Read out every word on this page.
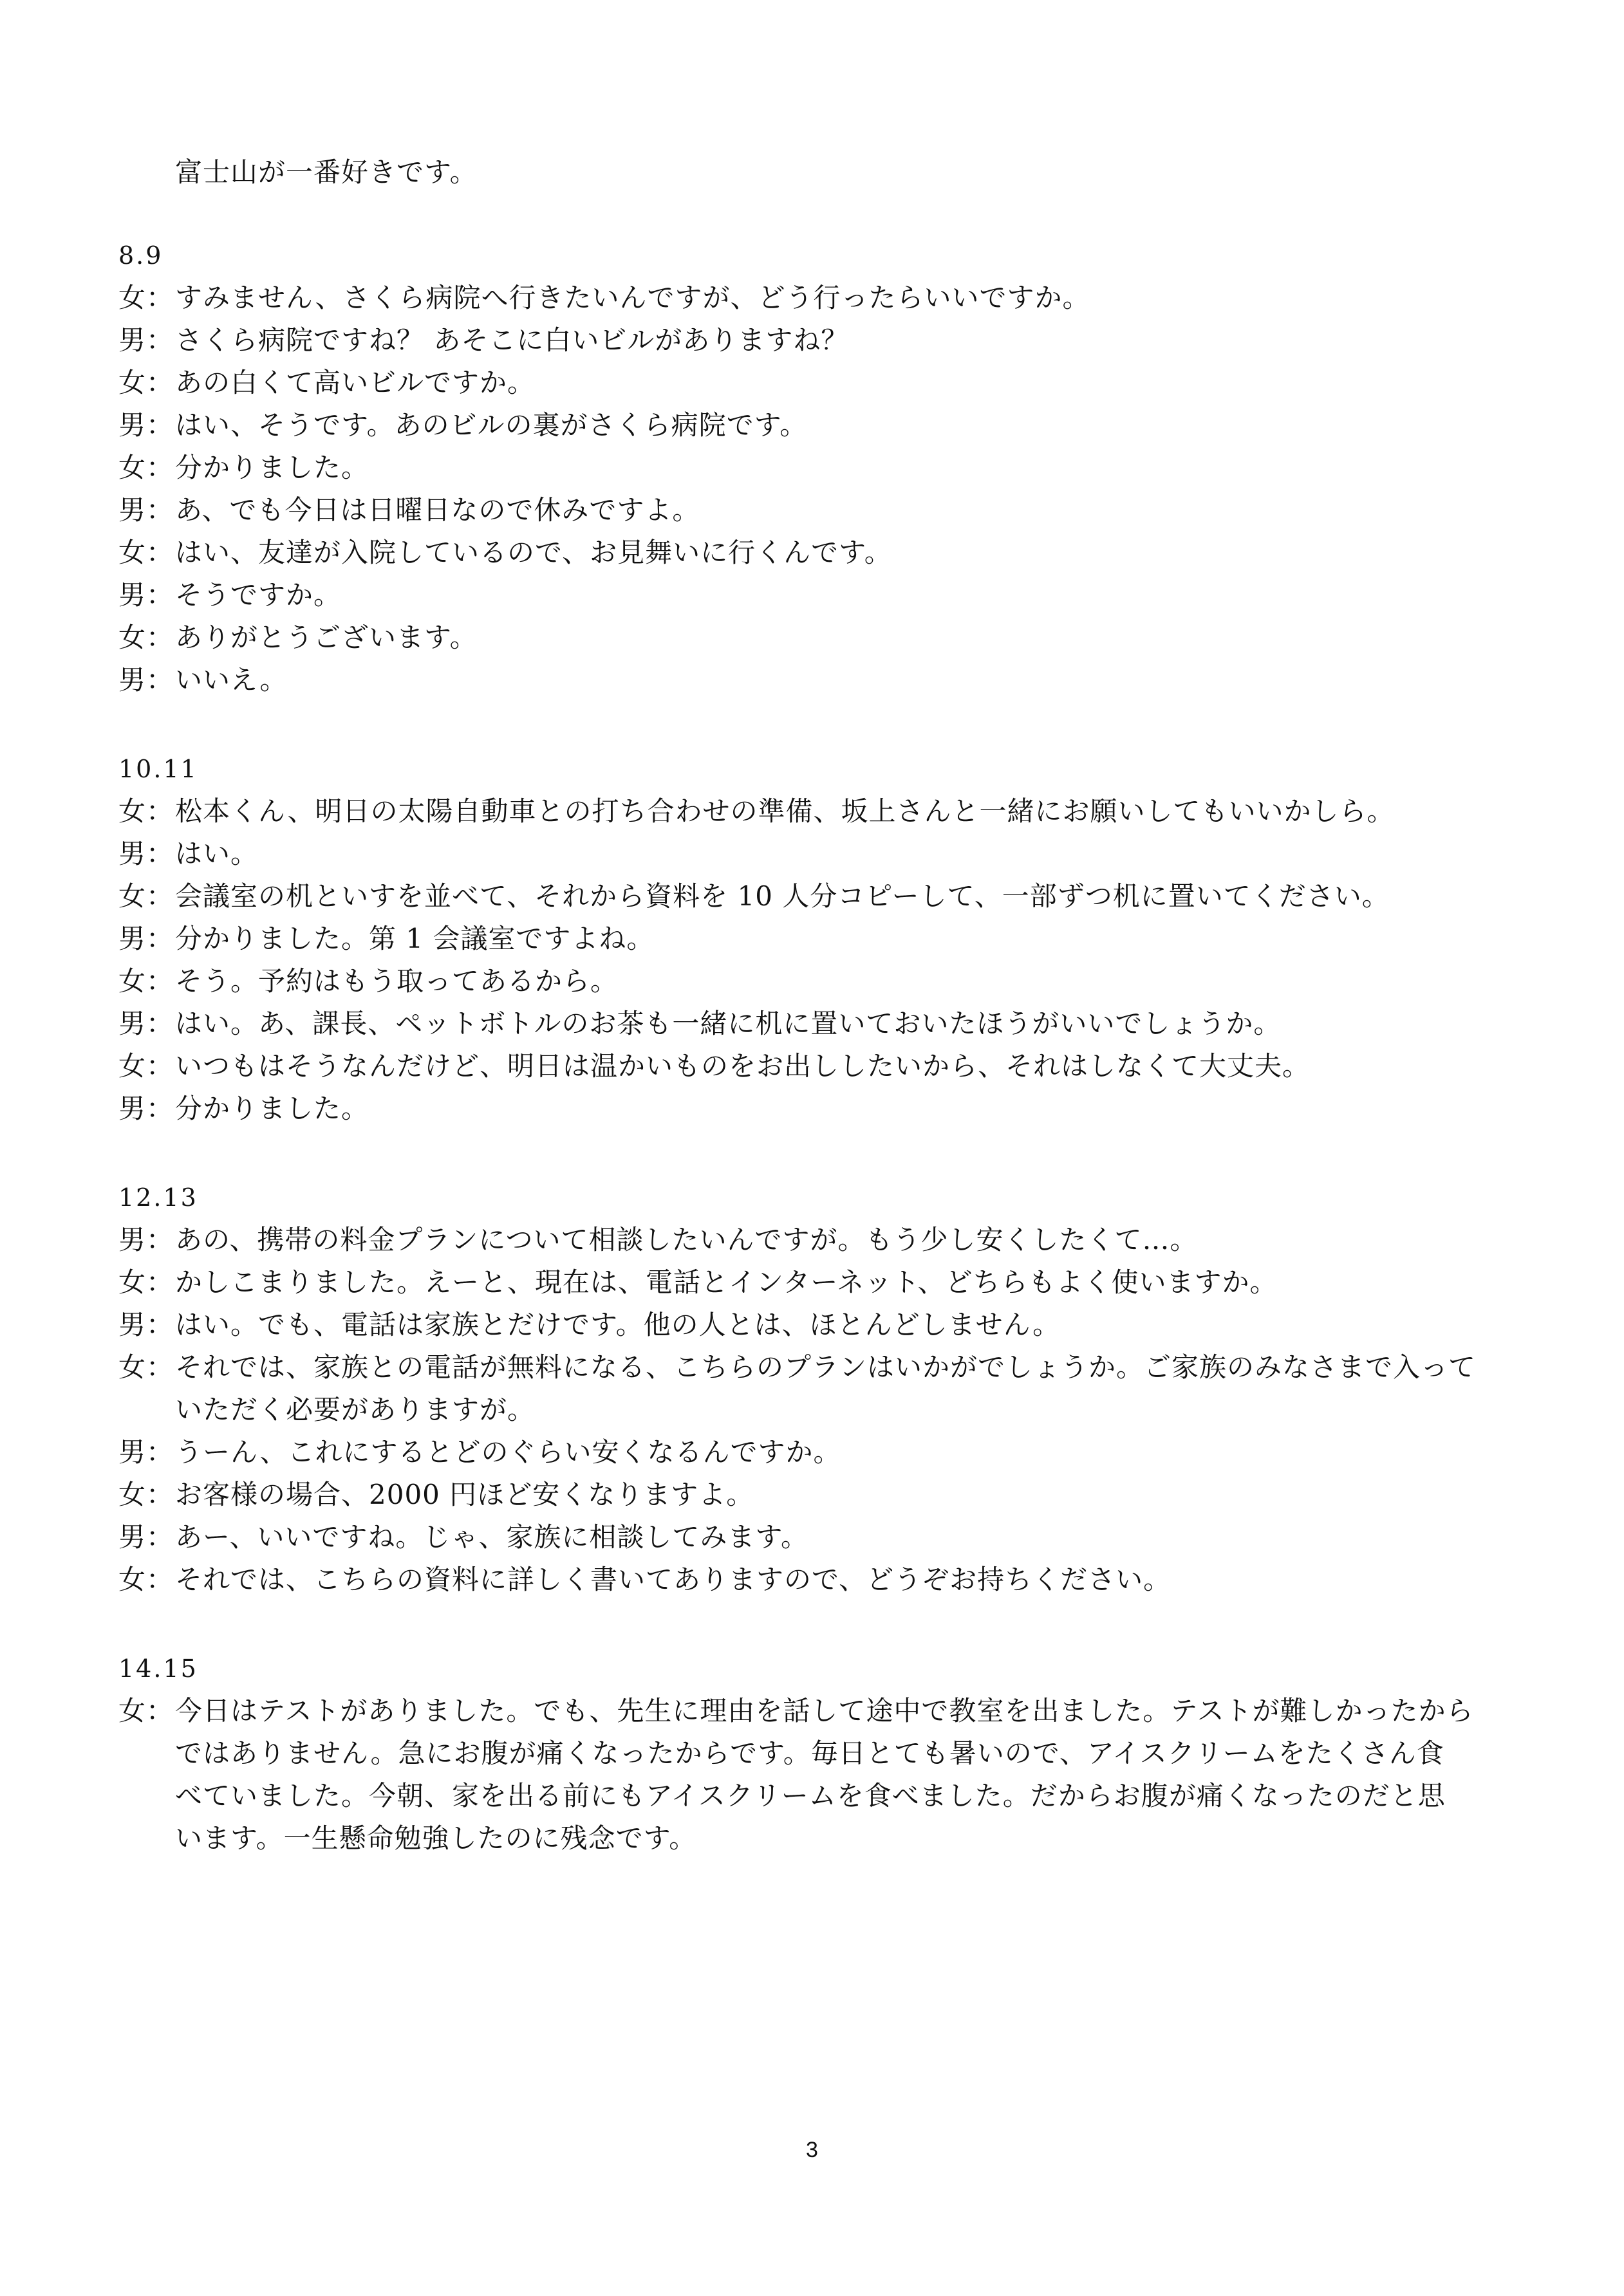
富士山が一番好きです。
8.9
女：すみません、さくら病院へ行きたいんですが、どう行ったらいいですか。
男：さくら病院ですね？ あそこに白いビルがありますね？
女：あの白くて高いビルですか。
男：はい、そうです。あのビルの裏がさくら病院です。
女：分かりました。
男：あ、でも今日は日曜日なので休みですよ。
女：はい、友達が入院しているので、お見舞いに行くんです。
男：そうですか。
女：ありがとうございます。
男：いいえ。
10.11
女：松本くん、明日の太陽自動車との打ち合わせの準備、坂上さんと一緒にお願いしてもいいかしら。
男：はい。
女：会議室の机といすを並べて、それから資料を 10 人分コピーして、一部ずつ机に置いてください。
男：分かりました。第 1 会議室ですよね。
女：そう。予約はもう取ってあるから。
男：はい。あ、課長、ペットボトルのお茶も一緒に机に置いておいたほうがいいでしょうか。
女：いつもはそうなんだけど、明日は温かいものをお出ししたいから、それはしなくて大丈夫。
男：分かりました。
12.13
男：あの、携帯の料金プランについて相談したいんですが。もう少し安くしたくて…。
女：かしこまりました。えーと、現在は、電話とインターネット、どちらもよく使いますか。
男：はい。でも、電話は家族とだけです。他の人とは、ほとんどしません。
女：それでは、家族との電話が無料になる、こちらのプランはいかがでしょうか。ご家族のみなさまで入って
いただく必要がありますが。
男：うーん、これにするとどのぐらい安くなるんですか。
女：お客様の場合、2000 円ほど安くなりますよ。
男：あー、いいですね。じゃ、家族に相談してみます。
女：それでは、こちらの資料に詳しく書いてありますので、どうぞお持ちください。
14.15
女：今日はテストがありました。でも、先生に理由を話して途中で教室を出ました。テストが難しかったから
ではありません。急にお腹が痛くなったからです。毎日とても暑いので、アイスクリームをたくさん食
べていました。今朝、家を出る前にもアイスクリームを食べました。だからお腹が痛くなったのだと思
います。一生懸命勉強したのに残念です。
3
